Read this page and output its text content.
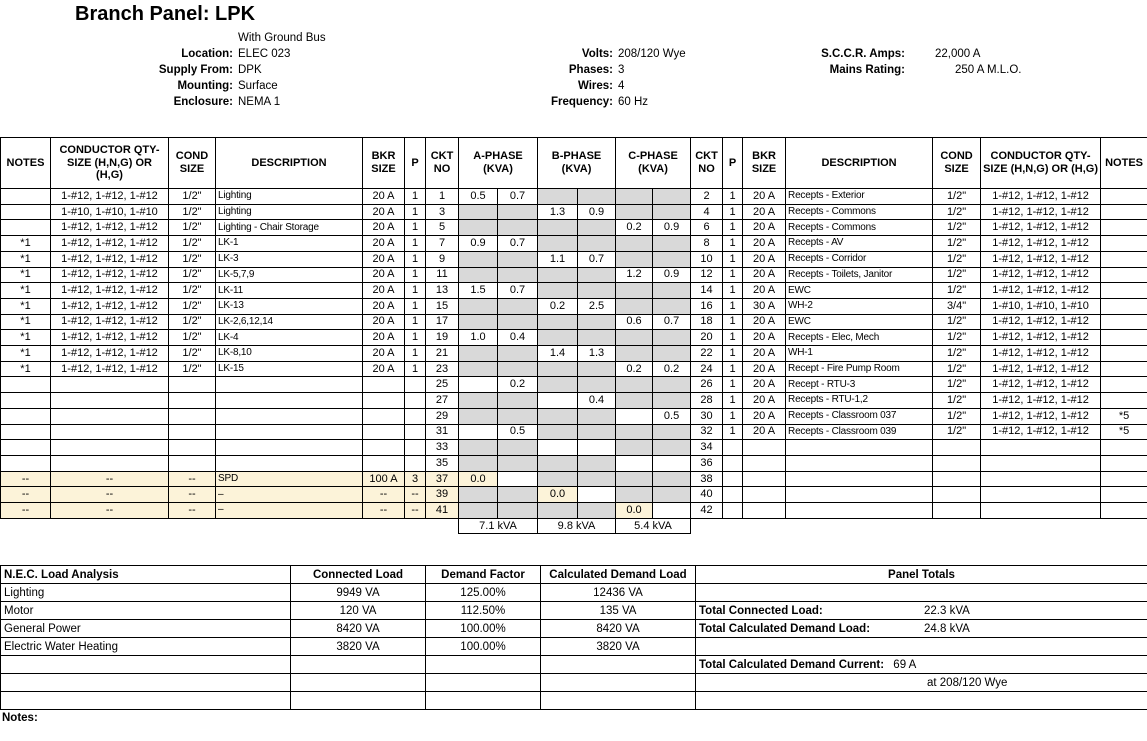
Branch Panel: LPK
With Ground Bus
Location: ELEC 023
Supply From: DPK
Mounting: Surface
Enclosure: NEMA 1
Volts: 208/120 Wye
Phases: 3
Wires: 4
Frequency: 60 Hz
S.C.C.R. Amps:	22,000 A
Mains Rating:	250 A M.L.O.
NOTES	CONDUCTOR QTY-SIZE (H,N,G) OR (H,G)	COND SIZE	DESCRIPTION	BKR SIZE	P	CKT NO	A-PHASE (KVA)		B-PHASE (KVA)		C-PHASE (KVA)		CKT NO	P	BKR SIZE	DESCRIPTION	COND SIZE	CONDUCTOR QTY-SIZE (H,N,G) OR (H,G)	NOTES
	1-#12, 1-#12, 1-#12	1/2"	Lighting	20 A	1	1	0.5	0.7					2	1	20 A	Recepts - Exterior	1/2"	1-#12, 1-#12, 1-#12	
	1-#10, 1-#10, 1-#10	1/2"	Lighting	20 A	1	3			1.3	0.9			4	1	20 A	Recepts - Commons	1/2"	1-#12, 1-#12, 1-#12	
	1-#12, 1-#12, 1-#12	1/2"	Lighting - Chair Storage	20 A	1	5					0.2	0.9	6	1	20 A	Recepts - Commons	1/2"	1-#12, 1-#12, 1-#12	
*1	1-#12, 1-#12, 1-#12	1/2"	LK-1	20 A	1	7	0.9	0.7					8	1	20 A	Recepts - AV	1/2"	1-#12, 1-#12, 1-#12	
*1	1-#12, 1-#12, 1-#12	1/2"	LK-3	20 A	1	9			1.1	0.7			10	1	20 A	Recepts - Corridor	1/2"	1-#12, 1-#12, 1-#12	
*1	1-#12, 1-#12, 1-#12	1/2"	LK-5,7,9	20 A	1	11					1.2	0.9	12	1	20 A	Recepts - Toilets, Janitor	1/2"	1-#12, 1-#12, 1-#12	
*1	1-#12, 1-#12, 1-#12	1/2"	LK-11	20 A	1	13	1.5	0.7					14	1	20 A	EWC	1/2"	1-#12, 1-#12, 1-#12	
*1	1-#12, 1-#12, 1-#12	1/2"	LK-13	20 A	1	15			0.2	2.5			16	1	30 A	WH-2	3/4"	1-#10, 1-#10, 1-#10	
*1	1-#12, 1-#12, 1-#12	1/2"	LK-2,6,12,14	20 A	1	17					0.6	0.7	18	1	20 A	EWC	1/2"	1-#12, 1-#12, 1-#12	
*1	1-#12, 1-#12, 1-#12	1/2"	LK-4	20 A	1	19	1.0	0.4					20	1	20 A	Recepts - Elec, Mech	1/2"	1-#12, 1-#12, 1-#12	
*1	1-#12, 1-#12, 1-#12	1/2"	LK-8,10	20 A	1	21			1.4	1.3			22	1	20 A	WH-1	1/2"	1-#12, 1-#12, 1-#12	
*1	1-#12, 1-#12, 1-#12	1/2"	LK-15	20 A	1	23					0.2	0.2	24	1	20 A	Recept - Fire Pump Room	1/2"	1-#12, 1-#12, 1-#12	
						25		0.2					26	1	20 A	Recept - RTU-3	1/2"	1-#12, 1-#12, 1-#12	
						27				0.4			28	1	20 A	Recepts - RTU-1,2	1/2"	1-#12, 1-#12, 1-#12	
						29						0.5	30	1	20 A	Recepts - Classroom 037	1/2"	1-#12, 1-#12, 1-#12	*5
						31		0.5					32	1	20 A	Recepts - Classroom 039	1/2"	1-#12, 1-#12, 1-#12	*5
						33							34						
						35							36						
--	--	--	SPD	100 A	3	37	0.0						38						
--	--	--	–	--	--	39			0.0				40						
--	--	--	–	--	--	41					0.0		42						
							7.1 kVA		9.8 kVA		5.4 kVA								
N.E.C. Load Analysis	Connected Load	Demand Factor	Calculated Demand Load
Lighting	9949 VA	125.00%	12436 VA
Motor	120 VA	112.50%	135 VA
General Power	8420 VA	100.00%	8420 VA
Electric Water Heating	3820 VA	100.00%	3820 VA

Panel Totals

Total Connected Load:	22.3 kVA

Total Calculated Demand Load:	24.8 kVA

Total Calculated Demand Current: 69 A
at 208/120 Wye

Notes:
